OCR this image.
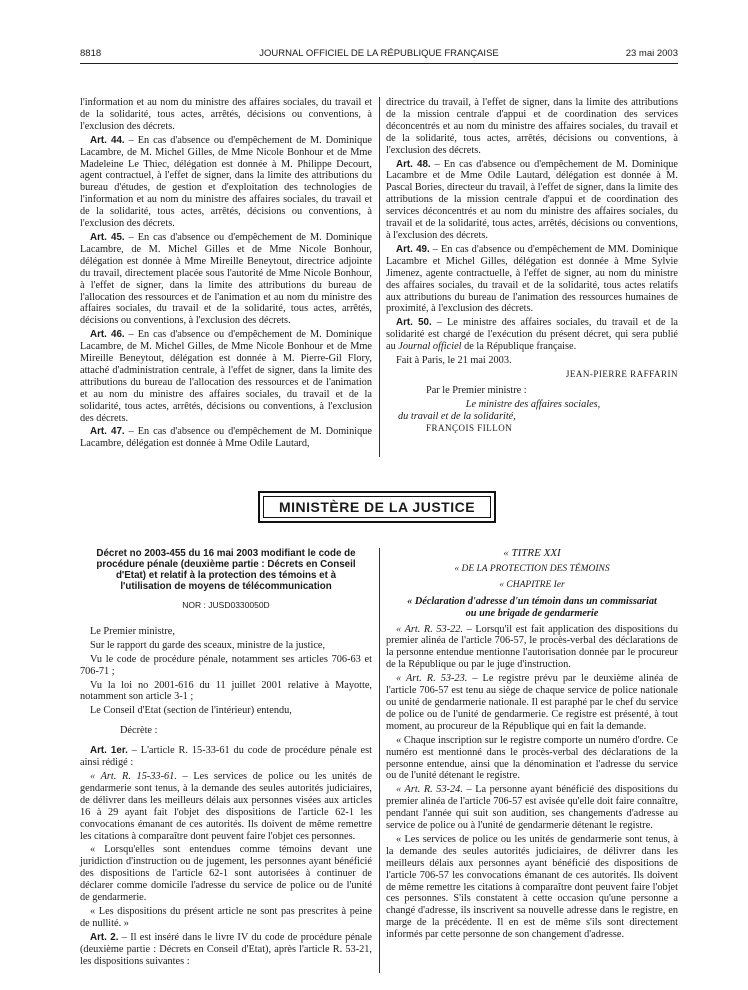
8818	JOURNAL OFFICIEL DE LA RÉPUBLIQUE FRANÇAISE	23 mai 2003

l'information et au nom du ministre des affaires sociales, du travail et de la solidarité, tous actes, arrêtés, décisions ou conventions, à l'exclusion des décrets.

Art. 44. – En cas d'absence ou d'empêchement de M. Dominique Lacambre, de M. Michel Gilles, de Mme Nicole Bonhour et de Mme Madeleine Le Thiec, délégation est donnée à M. Philippe Decourt, agent contractuel, à l'effet de signer, dans la limite des attributions du bureau d'études, de gestion et d'exploitation des technologies de l'information et au nom du ministre des affaires sociales, du travail et de la solidarité, tous actes, arrêtés, décisions ou conventions, à l'exclusion des décrets.

Art. 45. – En cas d'absence ou d'empêchement de M. Dominique Lacambre, de M. Michel Gilles et de Mme Nicole Bonhour, délégation est donnée à Mme Mireille Beneytout, directrice adjointe du travail, directement placée sous l'autorité de Mme Nicole Bonhour, à l'effet de signer, dans la limite des attributions du bureau de l'allocation des ressources et de l'animation et au nom du ministre des affaires sociales, du travail et de la solidarité, tous actes, arrêtés, décisions ou conventions, à l'exclusion des décrets.

Art. 46. – En cas d'absence ou d'empêchement de M. Dominique Lacambre, de M. Michel Gilles, de Mme Nicole Bonhour et de Mme Mireille Beneytout, délégation est donnée à M. Pierre-Gil Flory, attaché d'administration centrale, à l'effet de signer, dans la limite des attributions du bureau de l'allocation des ressources et de l'animation et au nom du ministre des affaires sociales, du travail et de la solidarité, tous actes, arrêtés, décisions ou conventions, à l'exclusion des décrets.

Art. 47. – En cas d'absence ou d'empêchement de M. Dominique Lacambre, délégation est donnée à Mme Odile Lautard,

directrice du travail, à l'effet de signer, dans la limite des attributions de la mission centrale d'appui et de coordination des services déconcentrés et au nom du ministre des affaires sociales, du travail et de la solidarité, tous actes, arrêtés, décisions ou conventions, à l'exclusion des décrets.

Art. 48. – En cas d'absence ou d'empêchement de M. Dominique Lacambre et de Mme Odile Lautard, délégation est donnée à M. Pascal Bories, directeur du travail, à l'effet de signer, dans la limite des attributions de la mission centrale d'appui et de coordination des services déconcentrés et au nom du ministre des affaires sociales, du travail et de la solidarité, tous actes, arrêtés, décisions ou conventions, à l'exclusion des décrets.

Art. 49. – En cas d'absence ou d'empêchement de MM. Dominique Lacambre et Michel Gilles, délégation est donnée à Mme Sylvie Jimenez, agente contractuelle, à l'effet de signer, au nom du ministre des affaires sociales, du travail et de la solidarité, tous actes relatifs aux attributions du bureau de l'animation des ressources humaines de proximité, à l'exclusion des décrets.

Art. 50. – Le ministre des affaires sociales, du travail et de la solidarité est chargé de l'exécution du présent décret, qui sera publié au Journal officiel de la République française.

Fait à Paris, le 21 mai 2003.

JEAN-PIERRE RAFFARIN

Par le Premier ministre :

Le ministre des affaires sociales,
du travail et de la solidarité,
FRANÇOIS FILLON
MINISTÈRE DE LA JUSTICE
Décret no 2003-455 du 16 mai 2003 modifiant le code de procédure pénale (deuxième partie : Décrets en Conseil d'Etat) et relatif à la protection des témoins et à l'utilisation de moyens de télécommunication
NOR : JUSD0330050D

Le Premier ministre,

Sur le rapport du garde des sceaux, ministre de la justice,

Vu le code de procédure pénale, notamment ses articles 706-63 et 706-71 ;

Vu la loi no 2001-616 du 11 juillet 2001 relative à Mayotte, notamment son article 3-1 ;

Le Conseil d'Etat (section de l'intérieur) entendu,

Décrète :

Art. 1er. – L'article R. 15-33-61 du code de procédure pénale est ainsi rédigé :

« Art. R. 15-33-61. – Les services de police ou les unités de gendarmerie sont tenus, à la demande des seules autorités judiciaires, de délivrer dans les meilleurs délais aux personnes visées aux articles 16 à 29 ayant fait l'objet des dispositions de l'article 62-1 les convocations émanant de ces autorités. Ils doivent de même remettre les citations à comparaître dont peuvent faire l'objet ces personnes.

« Lorsqu'elles sont entendues comme témoins devant une juridiction d'instruction ou de jugement, les personnes ayant bénéficié des dispositions de l'article 62-1 sont autorisées à continuer de déclarer comme domicile l'adresse du service de police ou de l'unité de gendarmerie.

« Les dispositions du présent article ne sont pas prescrites à peine de nullité. »

Art. 2. – Il est inséré dans le livre IV du code de procédure pénale (deuxième partie : Décrets en Conseil d'Etat), après l'article R. 53-21, les dispositions suivantes :

« TITRE XXI
« DE LA PROTECTION DES TÉMOINS
« CHAPITRE Ier
« Déclaration d'adresse d'un témoin dans un commissariat ou une brigade de gendarmerie

« Art. R. 53-22. – Lorsqu'il est fait application des dispositions du premier alinéa de l'article 706-57, le procès-verbal des déclarations de la personne entendue mentionne l'autorisation donnée par le procureur de la République ou par le juge d'instruction.

« Art. R. 53-23. – Le registre prévu par le deuxième alinéa de l'article 706-57 est tenu au siège de chaque service de police nationale ou unité de gendarmerie nationale. Il est paraphé par le chef du service de police ou de l'unité de gendarmerie. Ce registre est présenté, à tout moment, au procureur de la République qui en fait la demande.

« Chaque inscription sur le registre comporte un numéro d'ordre. Ce numéro est mentionné dans le procès-verbal des déclarations de la personne entendue, ainsi que la dénomination et l'adresse du service ou de l'unité détenant le registre.

« Art. R. 53-24. – La personne ayant bénéficié des dispositions du premier alinéa de l'article 706-57 est avisée qu'elle doit faire connaître, pendant l'année qui suit son audition, ses changements d'adresse au service de police ou à l'unité de gendarmerie détenant le registre.

« Les services de police ou les unités de gendarmerie sont tenus, à la demande des seules autorités judiciaires, de délivrer dans les meilleurs délais aux personnes ayant bénéficié des dispositions de l'article 706-57 les convocations émanant de ces autorités. Ils doivent de même remettre les citations à comparaître dont peuvent faire l'objet ces personnes. S'ils constatent à cette occasion qu'une personne a changé d'adresse, ils inscrivent sa nouvelle adresse dans le registre, en marge de la précédente. Il en est de même s'ils sont directement informés par cette personne de son changement d'adresse.
